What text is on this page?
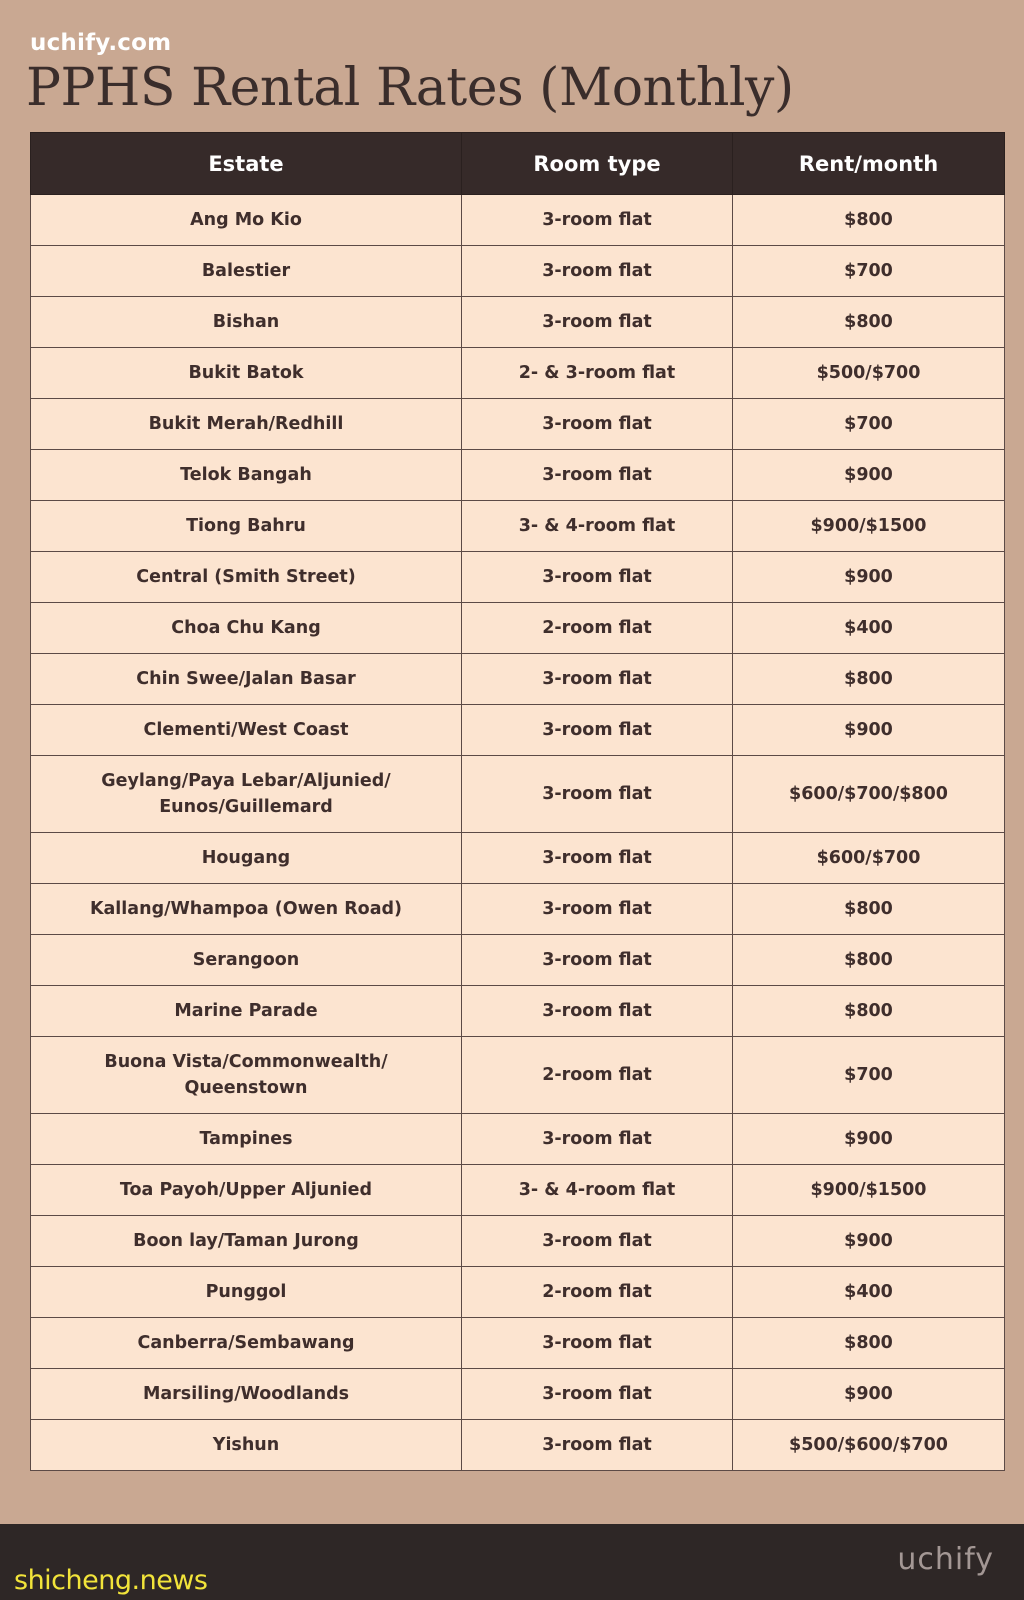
uchify.com
PPHS Rental Rates (Monthly)
Estate	Room type	Rent/month
Ang Mo Kio	3-room flat	$800
Balestier	3-room flat	$700
Bishan	3-room flat	$800
Bukit Batok	2- & 3-room flat	$500/$700
Bukit Merah/Redhill	3-room flat	$700
Telok Bangah	3-room flat	$900
Tiong Bahru	3- & 4-room flat	$900/$1500
Central (Smith Street)	3-room flat	$900
Choa Chu Kang	2-room flat	$400
Chin Swee/Jalan Basar	3-room flat	$800
Clementi/West Coast	3-room flat	$900
Geylang/Paya Lebar/Aljunied/ Eunos/Guillemard	3-room flat	$600/$700/$800
Hougang	3-room flat	$600/$700
Kallang/Whampoa (Owen Road)	3-room flat	$800
Serangoon	3-room flat	$800
Marine Parade	3-room flat	$800
Buona Vista/Commonwealth/ Queenstown	2-room flat	$700
Tampines	3-room flat	$900
Toa Payoh/Upper Aljunied	3- & 4-room flat	$900/$1500
Boon lay/Taman Jurong	3-room flat	$900
Punggol	2-room flat	$400
Canberra/Sembawang	3-room flat	$800
Marsiling/Woodlands	3-room flat	$900
Yishun	3-room flat	$500/$600/$700
shicheng.news
uchify
